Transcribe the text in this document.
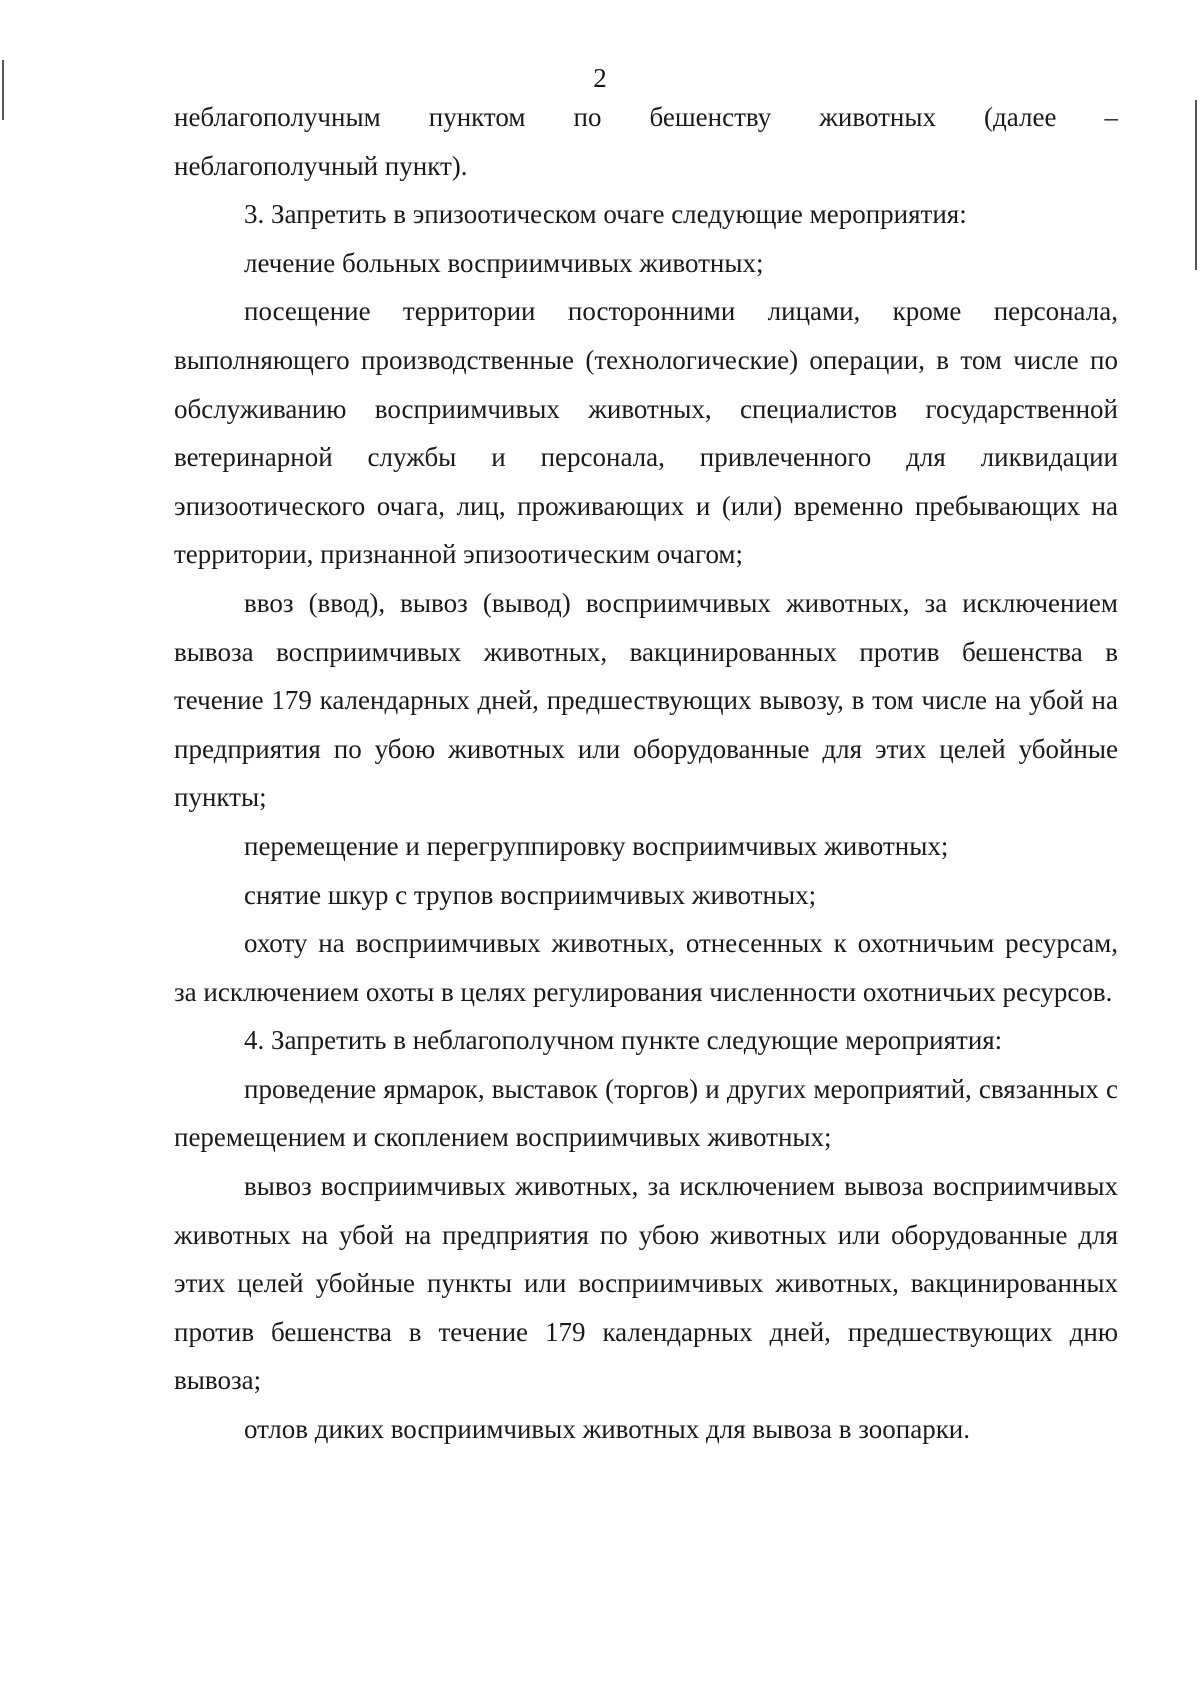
2

неблагополучным пунктом по бешенству животных (далее –

неблагополучный пункт).

3. Запретить в эпизоотическом очаге следующие мероприятия:

лечение больных восприимчивых животных;

посещение территории посторонними лицами, кроме персонала, выполняющего производственные (технологические) операции, в том числе по обслуживанию восприимчивых животных, специалистов государственной ветеринарной службы и персонала, привлеченного для ликвидации эпизоотического очага, лиц, проживающих и (или) временно пребывающих на территории, признанной эпизоотическим очагом;

ввоз (ввод), вывоз (вывод) восприимчивых животных, за исключением вывоза восприимчивых животных, вакцинированных против бешенства в течение 179 календарных дней, предшествующих вывозу, в том числе на убой на предприятия по убою животных или оборудованные для этих целей убойные пункты;

перемещение и перегруппировку восприимчивых животных;

снятие шкур с трупов восприимчивых животных;

охоту на восприимчивых животных, отнесенных к охотничьим ресурсам, за исключением охоты в целях регулирования численности охотничьих ресурсов.

4. Запретить в неблагополучном пункте следующие мероприятия:

проведение ярмарок, выставок (торгов) и других мероприятий, связанных с перемещением и скоплением восприимчивых животных;

вывоз восприимчивых животных, за исключением вывоза восприимчивых животных на убой на предприятия по убою животных или оборудованные для этих целей убойные пункты или восприимчивых животных, вакцинированных против бешенства в течение 179 календарных дней, предшествующих дню вывоза;

отлов диких восприимчивых животных для вывоза в зоопарки.
